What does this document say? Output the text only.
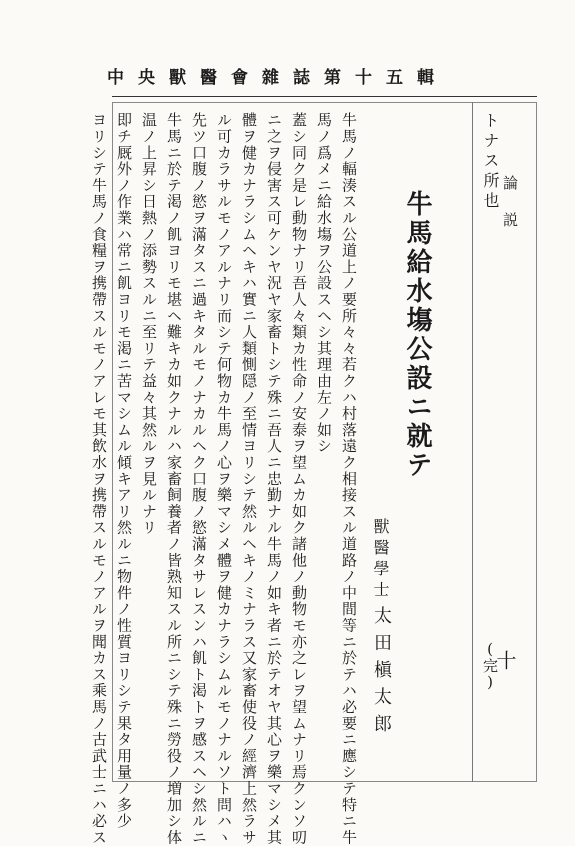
中央獸醫會雜誌第十五輯
論説
十
トナス所也
(完)
牛馬給水塲公設ニ就テ
獸醫學士
太田槇太郎
牛馬ノ輻湊スル公道上ノ要所々々若クハ村落遠ク相接スル道路ノ中間等ニ於テハ必要ニ應シテ特ニ牛
馬ノ爲メニ給水塲ヲ公設スヘシ其理由左ノ如シ
蓋シ同ク是レ動物ナリ吾人々類カ性命ノ安泰ヲ望ムカ如ク諸他ノ動物モ亦之レヲ望ムナリ焉クンソ叨
ニ之ヲ侵害ス可ケンヤ況ヤ家畜トシテ殊ニ吾人ニ忠勤ナル牛馬ノ如キ者ニ於テオヤ其心ヲ樂マシメ其
體ヲ健カナラシムヘキハ實ニ人類惻隠ノ至情ヨリシテ然ルヘキノミナラス又家畜使役ノ經濟上然ラサ
ル可カラサルモノアルナリ而シテ何物カ牛馬ノ心ヲ樂マシメ體ヲ健カナラシムルモノナルソト問ハヽ
先ツ口腹ノ慾ヲ滿タスニ過キタルモノナカルヘク口腹ノ慾滿タサレスンハ飢ト渇トヲ感スヘシ然ルニ
牛馬ニ於テ渇ノ飢ヨリモ堪ヘ難キカ如クナルハ家畜飼養者ノ皆熟知スル所ニシテ殊ニ勞役ノ増加シ体
温ノ上昇シ日熱ノ添勢スルニ至リテ益々其然ルヲ見ルナリ
即チ厩外ノ作業ハ常ニ飢ヨリモ渇ニ苦マシムル傾キアリ然ルニ物件ノ性質ヨリシテ果タ用量ノ多少
ヨリシテ牛馬ノ食糧ヲ携帶スルモノアレモ其飲水ヲ携帶スルモノアルヲ聞カス乘馬ノ古武士ニハ必ス
